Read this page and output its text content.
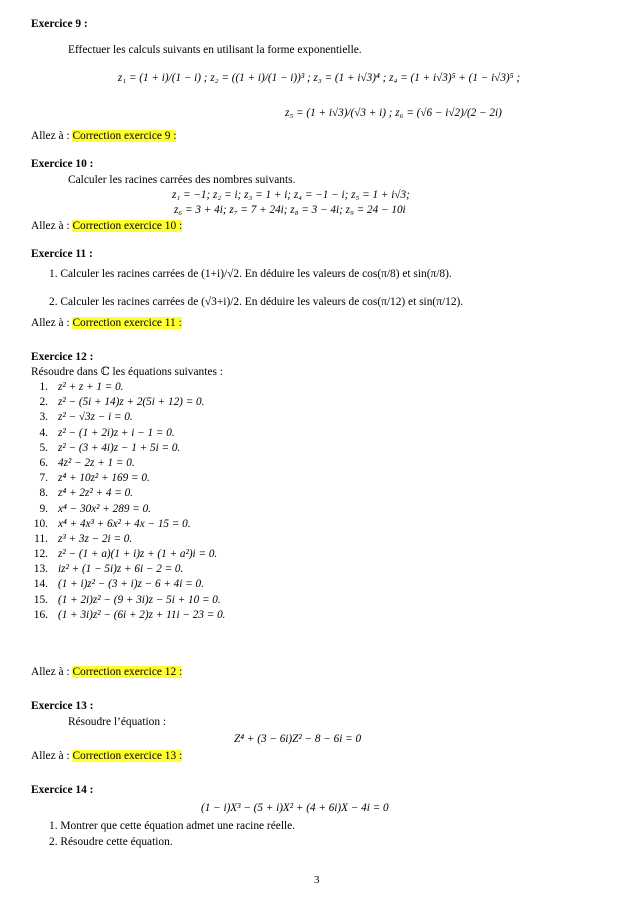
Exercice 9 :
Effectuer les calculs suivants en utilisant la forme exponentielle.
z₁ = (1 + i)/(1 − i) ; z₂ = ((1 + i)/(1 − i))³ ; z₃ = (1 + i√3)⁴ ; z₄ = (1 + i√3)⁵ + (1 − i√3)⁵ ;
z₅ = (1 + i√3)/(√3 + i) ; z₆ = (√6 − i√2)/(2 − 2i)
Allez à : Correction exercice 9 :
Exercice 10 :
Calculer les racines carrées des nombres suivants.
z₁ = −1; z₂ = i; z₃ = 1 + i; z₄ = −1 − i; z₅ = 1 + i√3;
z₆ = 3 + 4i; z₇ = 7 + 24i; z₈ = 3 − 4i; z₉ = 24 − 10i
Allez à : Correction exercice 10 :
Exercice 11 :
1. Calculer les racines carrées de (1+i)/√2. En déduire les valeurs de cos(π/8) et sin(π/8).
2. Calculer les racines carrées de (√3+i)/2. En déduire les valeurs de cos(π/12) et sin(π/12).
Allez à : Correction exercice 11 :
Exercice 12 :
Résoudre dans ℂ les équations suivantes :
1. z² + z + 1 = 0.
2. z² − (5i + 14)z + 2(5i + 12) = 0.
3. z² − √3z − i = 0.
4. z² − (1 + 2i)z + i − 1 = 0.
5. z² − (3 + 4i)z − 1 + 5i = 0.
6. 4z² − 2z + 1 = 0.
7. z⁴ + 10z² + 169 = 0.
8. z⁴ + 2z² + 4 = 0.
9. x⁴ − 30x² + 289 = 0.
10. x⁴ + 4x³ + 6x² + 4x − 15 = 0.
11. z³ + 3z − 2i = 0.
12. z² − (1 + a)(1 + i)z + (1 + a²)i = 0.
13. iz² + (1 − 5i)z + 6i − 2 = 0.
14. (1 + i)z² − (3 + i)z − 6 + 4i = 0.
15. (1 + 2i)z² − (9 + 3i)z − 5i + 10 = 0.
16. (1 + 3i)z² − (6i + 2)z + 11i − 23 = 0.
Allez à : Correction exercice 12 :
Exercice 13 :
Résoudre l’équation :
Z⁴ + (3 − 6i)Z² − 8 − 6i = 0
Allez à : Correction exercice 13 :
Exercice 14 :
(1 − i)X³ − (5 + i)X² + (4 + 6i)X − 4i = 0
1. Montrer que cette équation admet une racine réelle.
2. Résoudre cette équation.
3
